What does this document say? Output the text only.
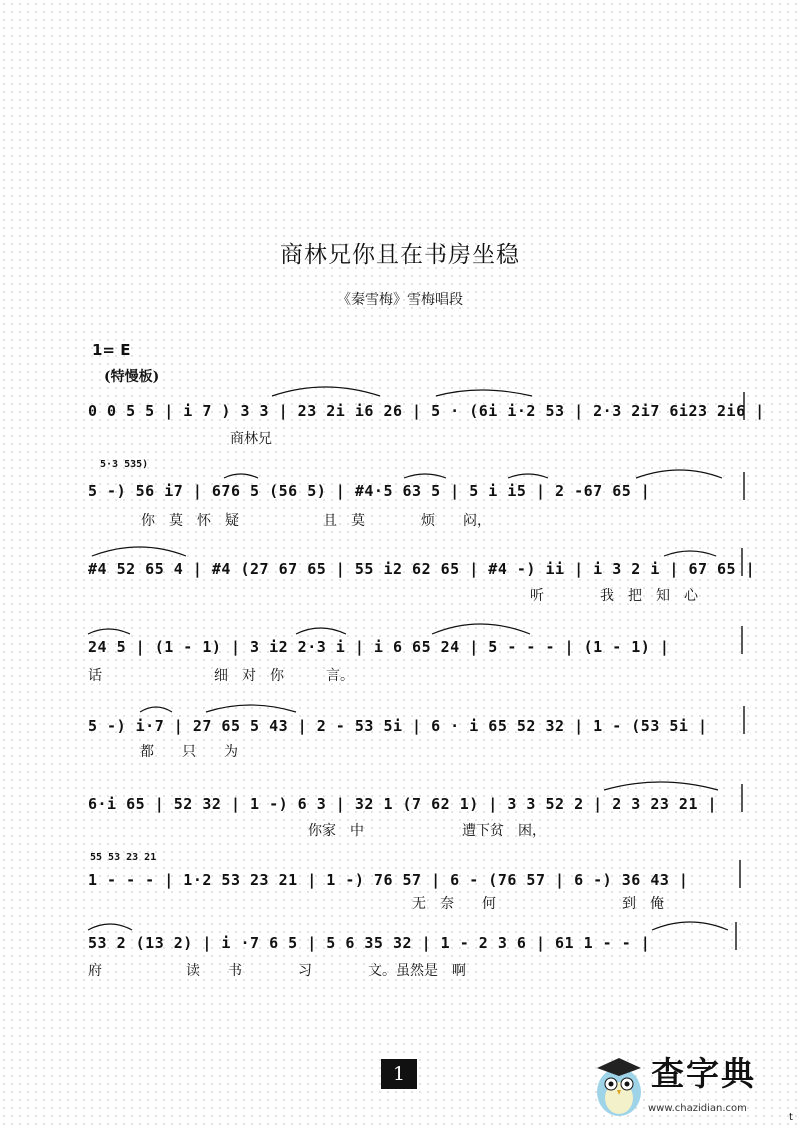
商林兄你且在书房坐稳
《秦雪梅》雪梅唱段
1= E
(特慢板)
0 0 5 5 | i 7 ) 3 3 | 23 2i i6 26 | 5 · (6i i·2 53 | 2·3 2i7 6i23 2i6 |
商林兄
5·3 535)
5 -) 56 i7 | 676 5 (56 5) | #4·5 63 5 | 5 i i5 | 2 -67 65 |
你　莫　怀　疑　　　　　　且　莫　　　　烦　　闷，
#4 52 65 4 | #4 (27 67 65 | 55 i2 62 65 | #4 -) ii | i 3 2 i | 67 65 |
听　　　　我　把　知　心
24 5 | (1 - 1) | 3 i2 2·3 i | i 6 65 24 | 5 - - - | (1 - 1) |
话　　　　　　　　细　对　你　　　言。
5 -) i·7 | 27 65 5 43 | 2 - 53 5i | 6 · i 65 52 32 | 1 - (53 5i |
都　　只　　为
6·i 65 | 52 32 | 1 -) 6 3 | 32 1 (7 62 1) | 3 3 52 2 | 2 3 23 21 |
你家　中　　　　　　　遭下贫　困，
55 53 23 21
1 - - - | 1·2 53 23 21 | 1 -) 76 57 | 6 - (76 57 | 6 -) 36 43 |
无　奈　　何　　　　　　　　　到　俺
53 2 (13 2) | i ·7 6 5 | 5 6 35 32 | 1 - 2 3 6 | 61 1 - - |
府　　　　　　读　　书　　　　习　　　　文。虽然是　啊
1	查字典
www.chazidian.com
t
